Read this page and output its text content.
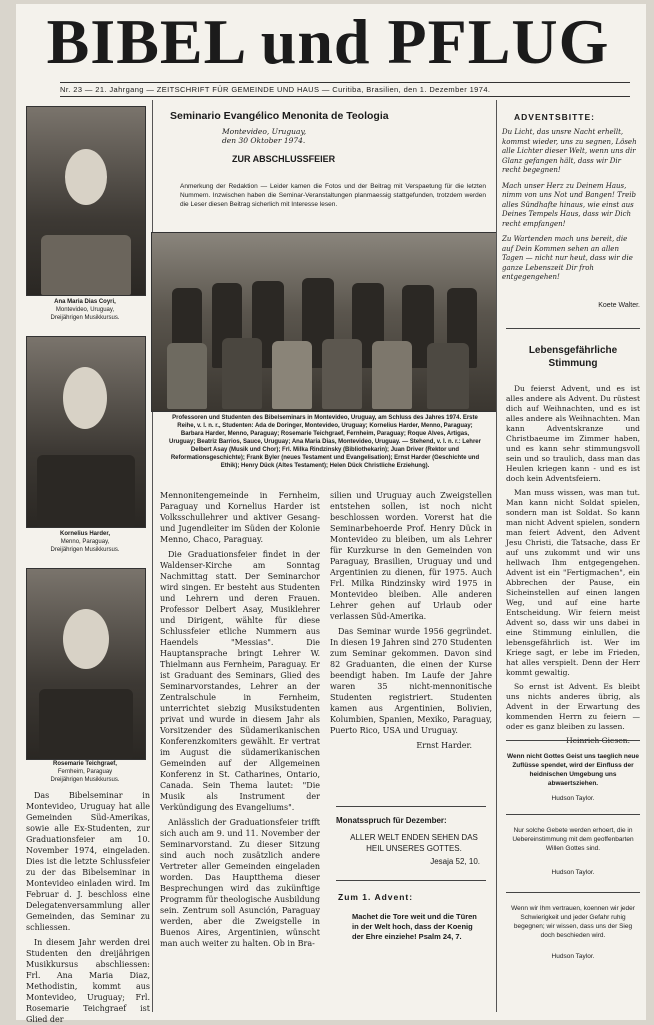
BIBEL und PFLUG
Nr. 23 — 21. Jahrgang — ZEITSCHRIFT FÜR GEMEINDE UND HAUS — Curitiba, Brasilien, den 1. Dezember 1974.
Ana Maria Dias Coyri,
Montevideo, Uruguay,
Dreijährigen Musikkursus.
Kornelius Harder,
Menno, Paraguay,
Dreijährigen Musikkursus.
Rosemarie Teichgraef,
Fernheim, Paraguay
Dreijährigen Musikkursus.

Das Bibelseminar in Montevideo, Uruguay hat alle Gemeinden Süd-Amerikas, sowie alle Ex-Studenten, zur Graduationsfeier am 10. November 1974, eingeladen. Dies ist die letzte Schlussfeier zu der das Bibelseminar in Montevideo einladen wird. Im Februar d. J. beschloss eine Delegatenversammlung aller Gemeinden, das Seminar zu schliessen.

In diesem Jahr werden drei Studenten den dreijährigen Musikkursus abschliessen: Frl. Ana Maria Diaz, Methodistin, kommt aus Montevideo, Uruguay; Frl. Rosemarie Teichgraef ist Glied der

Seminario Evangélico Menonita de Teologia
Montevideo, Uruguay,
den 30 Oktober 1974.
ZUR ABSCHLUSSFEIER
Anmerkung der Redaktion — Leider kamen die Fotos und der Beitrag mit Verspaetung für die letzten Nummern. Inzwischen haben die Seminar-Veranstaltungen planmaessig stattgefunden, trotzdem werden die Leser diesen Beitrag sicherlich mit Interesse lesen.
Professoren und Studenten des Bibelseminars in Montevideo, Uruguay, am Schluss des Jahres 1974. Erste Reihe, v. l. n. r., Studenten: Ada de Doringer, Montevideo, Uruguay; Kornelius Harder, Menno, Paraguay; Barbara Harder, Menno, Paraguay; Rosemarie Teichgraef, Fernheim, Paraguay; Roque Alves, Artigas, Uruguay; Beatriz Barrios, Sauce, Uruguay; Ana Maria Dias, Montevideo, Uruguay. — Stehend, v. l. n. r.: Lehrer Delbert Asay (Musik und Chor); Frl. Milka Rindzinsky (Bibliothekarin); Juan Driver (Rektor und Reformationsgeschichte); Frank Byler (neues Testament und Evangelisation); Ernst Harder (Geschichte und Ethik); Henry Dück (Altes Testament); Helen Dück Christliche Erziehung).

Mennonitengemeinde in Fernheim, Paraguay und Kornelius Harder ist Volksschullehrer und aktiver Gesang- und Jugendleiter im Süden der Kolonie Menno, Chaco, Paraguay.

Die Graduationsfeier findet in der Waldenser-Kirche am Sonntag Nachmittag statt. Der Seminarchor wird singen. Er besteht aus Studenten und Lehrern und deren Frauen. Professor Delbert Asay, Musiklehrer und Dirigent, wählte für diese Schlussfeier etliche Nummern aus Haendels "Messias". Die Hauptansprache bringt Lehrer W. Thielmann aus Fernheim, Paraguay. Er ist Graduant des Seminars, Glied des Seminarvorstandes, Lehrer an der Zentralschule in Fernheim, unterrichtet siebzig Musikstudenten privat und wurde in diesem Jahr als Vorsitzender des Südamerikanischen Konferenzkomiters gewählt. Er vertrat im August die südamerikanischen Gemeinden auf der Allgemeinen Konferenz in St. Catharines, Ontario, Canada. Sein Thema lautet: "Die Musik als Instrument der Verkündigung des Evangeliums".

Anlässlich der Graduationsfeier trifft sich auch am 9. und 11. November der Seminarvorstand. Zu dieser Sitzung sind auch noch zusätzlich andere Vertreter aller Gemeinden eingeladen worden. Das Hauptthema dieser Besprechungen wird das zukünftige Programm für theologische Ausbildung sein. Zentrum soll Asunción, Paraguay werden, aber die Zweigstelle in Buenos Aires, Argentinien, wünscht man auch weiter zu halten. Ob in Bra-

silien und Uruguay auch Zweigstellen entstehen sollen, ist noch nicht beschlossen worden. Vorerst hat die Seminarbehoerde Prof. Henry Dück in Montevideo zu bleiben, um als Lehrer für Kurzkurse in den Gemeinden von Paraguay, Brasilien, Uruguay und und Argentinien zu dienen, für 1975. Auch Frl. Milka Rindzinsky wird 1975 in Montevideo bleiben. Alle anderen Lehrer gehen auf Urlaub oder verlassen Süd-Amerika.

Das Seminar wurde 1956 gegründet. In diesen 19 Jahren sind 270 Studenten zum Seminar gekommen. Davon sind 82 Graduanten, die einen der Kurse beendigt haben. Im Laufe der Jahre waren 35 nicht-mennonitische Studenten registriert. Studenten kamen aus Argentinien, Bolivien, Kolumbien, Spanien, Mexiko, Paraguay, Puerto Rico, USA und Uruguay.

Ernst Harder.
Monatsspruch für Dezember:
ALLER WELT ENDEN SEHEN DAS HEIL UNSERES GOTTES.
Jesaja 52, 10.
Zum 1. Advent:
Machet die Tore weit und die Türen in der Welt hoch, dass der Koenig der Ehre einziehe! Psalm 24, 7.
ADVENTSBITTE:

Du Licht, das unsre Nacht erhellt, kommst wieder, uns zu segnen, Löseh alle Lichter dieser Welt, wenn uns dir Glanz gefangen hält, dass wir Dir recht begegnen!

Mach unser Herz zu Deinem Haus, nimm von uns Not und Bangen! Treib alles Sündhafte hinaus, wie einst aus Deines Tempels Haus, dass wir Dich recht empfangen!

Zu Wartenden mach uns bereit, die auf Dein Kommen sehen an allen Tagen — nicht nur heut, dass wir die ganze Lebenszeit Dir froh entgegengehen!

Koete Walter.
Lebensgefährliche Stimmung

Du feierst Advent, und es ist alles andere als Advent. Du rüstest dich auf Weihnachten, und es ist alles andere als Weihnachten. Man kann Adventskranze und Christbaeume im Zimmer haben, und es kann sehr stimmungsvoll sein und so traulich, dass man das Heulen kriegen kann - und es ist doch kein Adventsfeiern.

Man muss wissen, was man tut. Man kann nicht Soldat spielen, sondern man ist Soldat. So kann man nicht Advent spielen, sondern man feiert Advent, den Advent Jesu Christi, die Tatsache, dass Er auf uns zukommt und wir uns hellwach Ihm entgegengehen. Advent ist ein "Fertigmachen", ein Abbrechen der Pause, ein Sicheinstellen auf einen langen Weg, und auf eine harte Entscheidung. Wir feiern meist Advent so, dass wir uns dabei in eine Stimmung einlullen, die lebensgefährlich ist. Wer im Kriege sagt, er lebe im Frieden, hat alles verspielt. Denn der Herr kommt gewaltig.

So ernst ist Advent. Es bleibt uns nichts anderes übrig, als Advent in der Erwartung des kommenden Herrn zu feiern — oder es ganz bleiben zu lassen.

Wenn nicht Gottes Geist uns taeglich neue Zuflüsse spendet, wird der Einfluss der heidnischen Umgebung uns abwaertsziehen.
Hudson Taylor.
Nur solche Gebete werden erhoert, die in Uebereinstimmung mit dem geoffenbarten Willen Gottes sind.
Hudson Taylor.
Wenn wir Ihm vertrauen, koennen wir jeder Schwierigkeit und jeder Gefahr ruhig begegnen; wir wissen, dass uns der Sieg doch beschieden wird.
Hudson Taylor.
